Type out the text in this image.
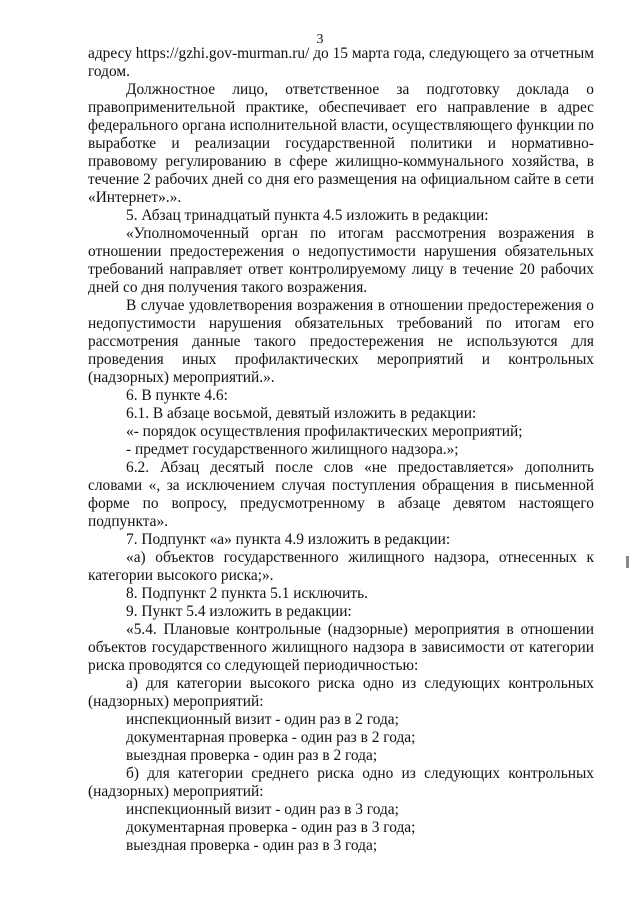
3

адресу https://gzhi.gov-murman.ru/ до 15 марта года, следующего за отчетным годом.

Должностное лицо, ответственное за подготовку доклада о правоприменительной практике, обеспечивает его направление в адрес федерального органа исполнительной власти, осуществляющего функции по выработке и реализации государственной политики и нормативно-правовому регулированию в сфере жилищно-коммунального хозяйства, в течение 2 рабочих дней со дня его размещения на официальном сайте в сети «Интернет».».

5. Абзац тринадцатый пункта 4.5 изложить в редакции:

«Уполномоченный орган по итогам рассмотрения возражения в отношении предостережения о недопустимости нарушения обязательных требований направляет ответ контролируемому лицу в течение 20 рабочих дней со дня получения такого возражения.

В случае удовлетворения возражения в отношении предостережения о недопустимости нарушения обязательных требований по итогам его рассмотрения данные такого предостережения не используются для проведения иных профилактических мероприятий и контрольных (надзорных) мероприятий.».

6. В пункте 4.6:

6.1. В абзаце восьмой, девятый изложить в редакции:

«- порядок осуществления профилактических мероприятий;

- предмет государственного жилищного надзора.»;

6.2. Абзац десятый после слов «не предоставляется» дополнить словами «, за исключением случая поступления обращения в письменной форме по вопросу, предусмотренному в абзаце девятом настоящего подпункта».

7. Подпункт «а» пункта 4.9 изложить в редакции:

«а) объектов государственного жилищного надзора, отнесенных к категории высокого риска;».

8. Подпункт 2 пункта 5.1 исключить.

9. Пункт 5.4 изложить в редакции:

«5.4. Плановые контрольные (надзорные) мероприятия в отношении объектов государственного жилищного надзора в зависимости от категории риска проводятся со следующей периодичностью:

а) для категории высокого риска одно из следующих контрольных (надзорных) мероприятий:

инспекционный визит - один раз в 2 года;

документарная проверка - один раз в 2 года;

выездная проверка - один раз в 2 года;

б) для категории среднего риска одно из следующих контрольных (надзорных) мероприятий:

инспекционный визит - один раз в 3 года;

документарная проверка - один раз в 3 года;

выездная проверка - один раз в 3 года;
